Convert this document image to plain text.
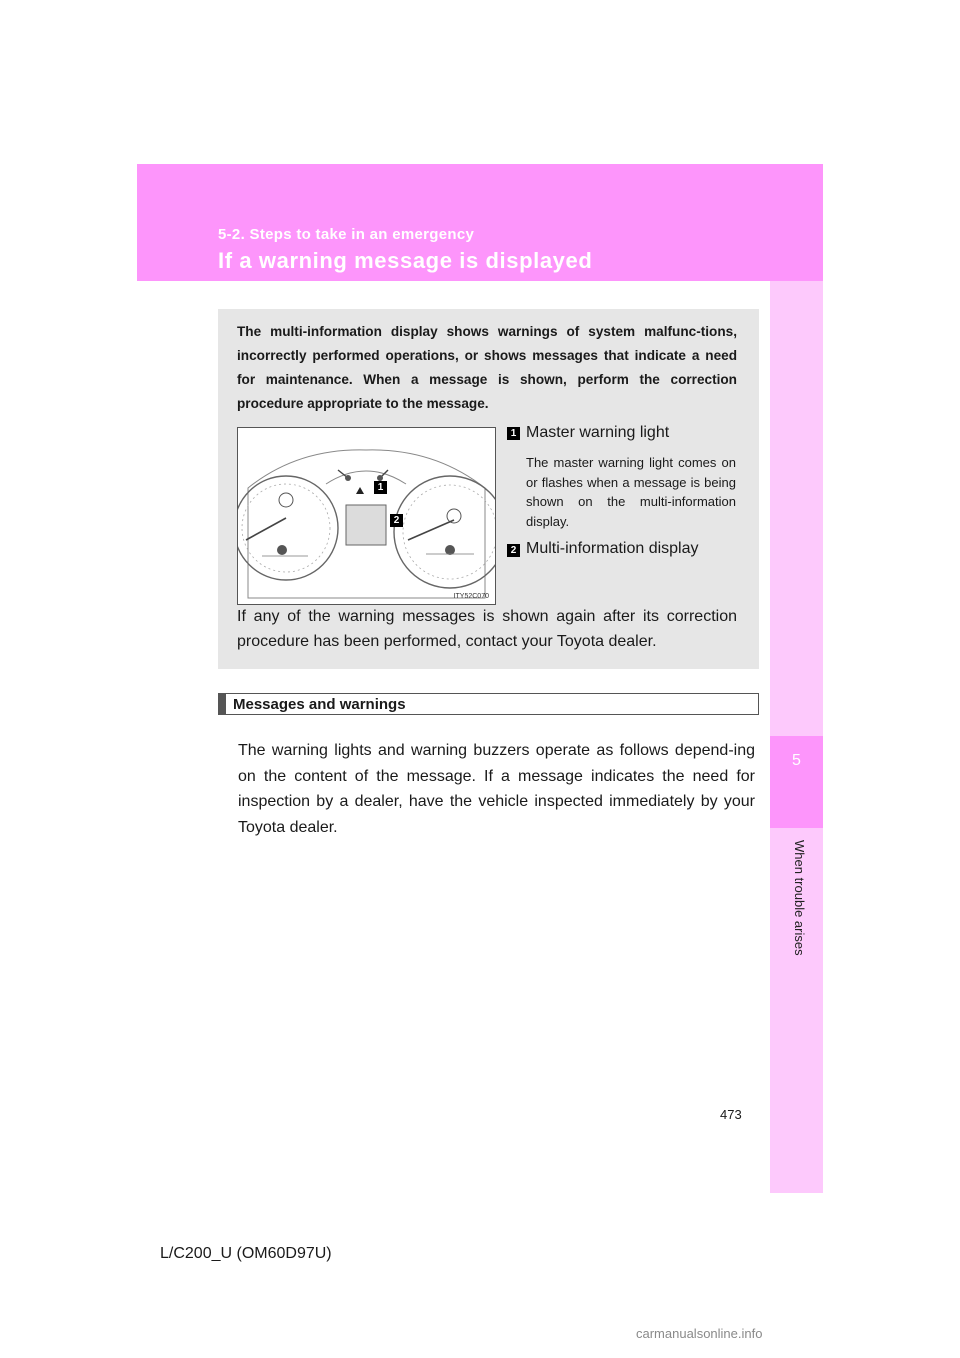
5-2. Steps to take in an emergency
If a warning message is displayed
5
When trouble arises
The multi-information display shows warnings of system malfunc-tions, incorrectly performed operations, or shows messages that indicate a need for maintenance. When a message is shown, perform the correction procedure appropriate to the message.
1
2
ITY52C070
1 Master warning light
The master warning light comes on or flashes when a message is being shown on the multi-information display.
2 Multi-information display
If any of the warning messages is shown again after its correction procedure has been performed, contact your Toyota dealer.
Messages and warnings
The warning lights and warning buzzers operate as follows depend-ing on the content of the message. If a message indicates the need for inspection by a dealer, have the vehicle inspected immediately by your Toyota dealer.
473
L/C200_U (OM60D97U)
carmanualsonline.info
